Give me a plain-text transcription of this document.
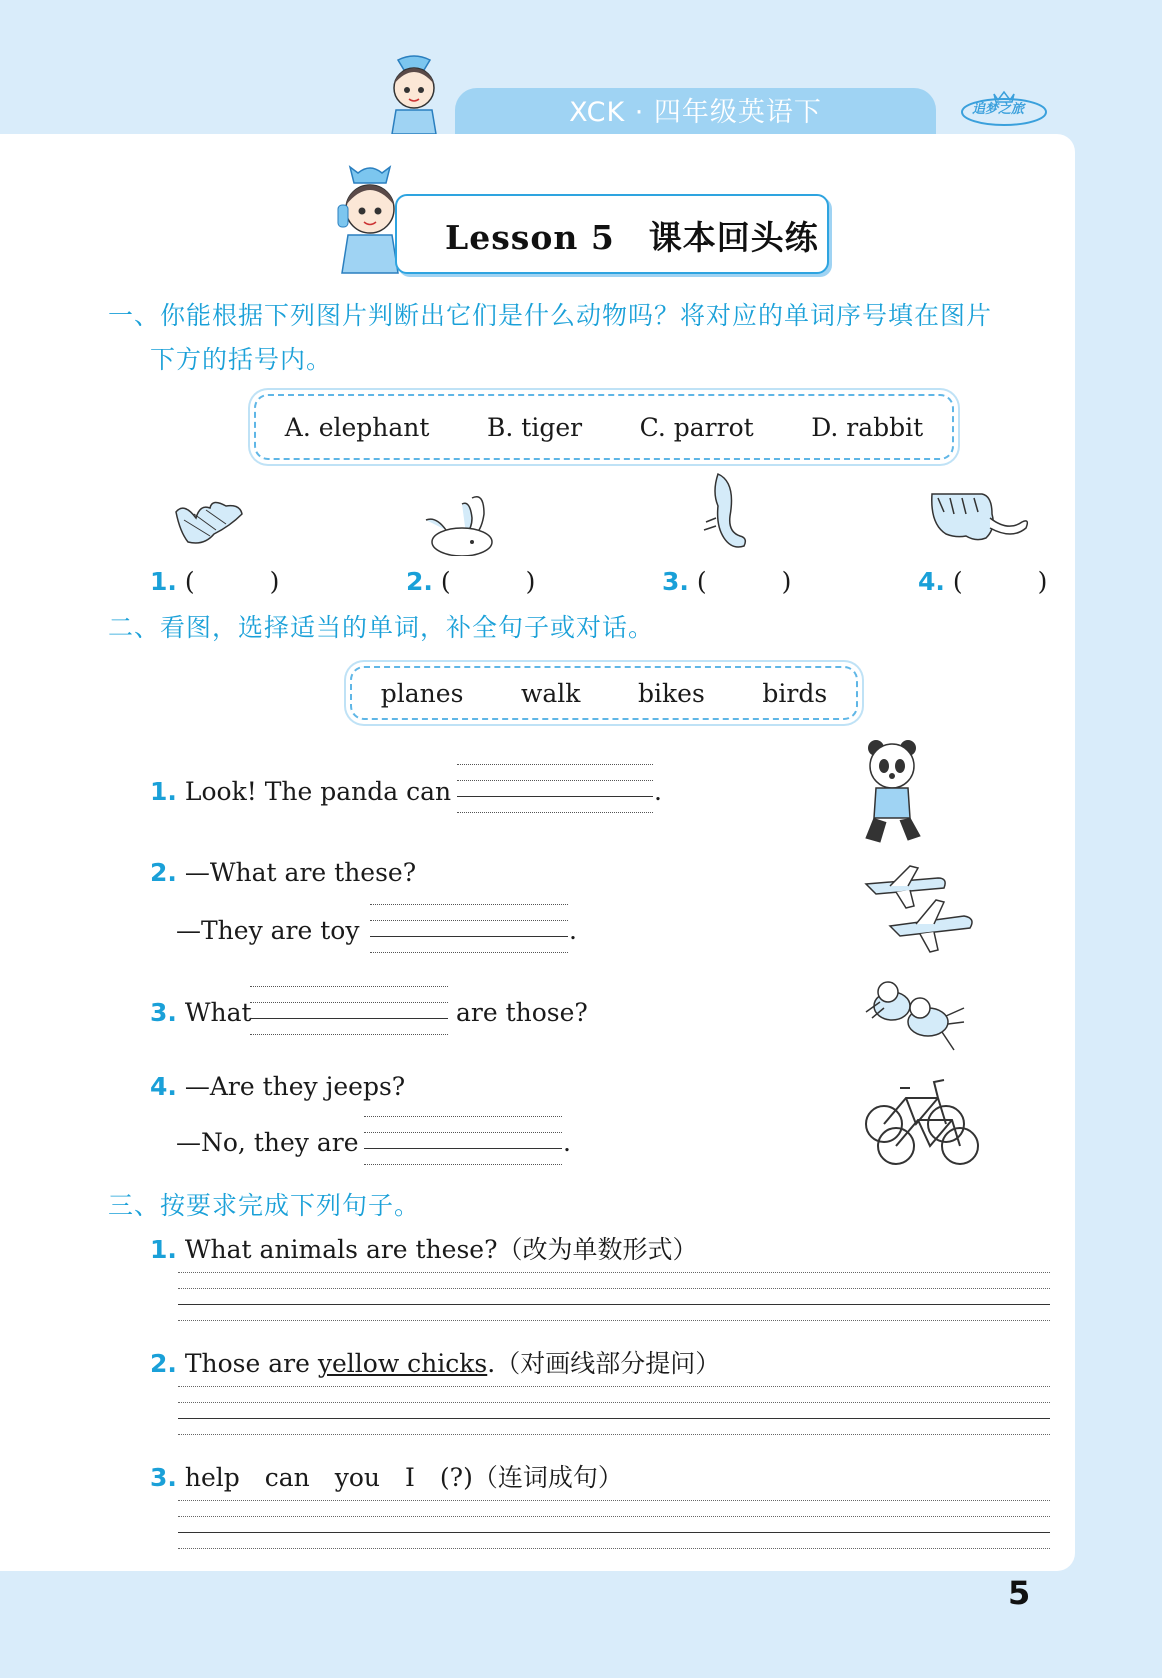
XCK · 四年级英语下	追梦之旅
Lesson 5　课本回头练
一、你能根据下列图片判断出它们是什么动物吗？将对应的单词序号填在图片
下方的括号内。
A. elephant B. tiger C. parrot D. rabbit
1. (　　　)	2. (　　　)	3. (　　　)	4. (　　　)
二、看图，选择适当的单词，补全句子或对话。
planes walk bikes birds
1. Look! The panda can	.
2. —What are these?
—They are toy	.
3. What	are those?
4. —Are they jeeps?
—No, they are	.
三、按要求完成下列句子。
1. What animals are these?（改为单数形式）
2. Those are yellow chicks.（对画线部分提问）
3. help　can　you　I　(?)（连词成句）
5
